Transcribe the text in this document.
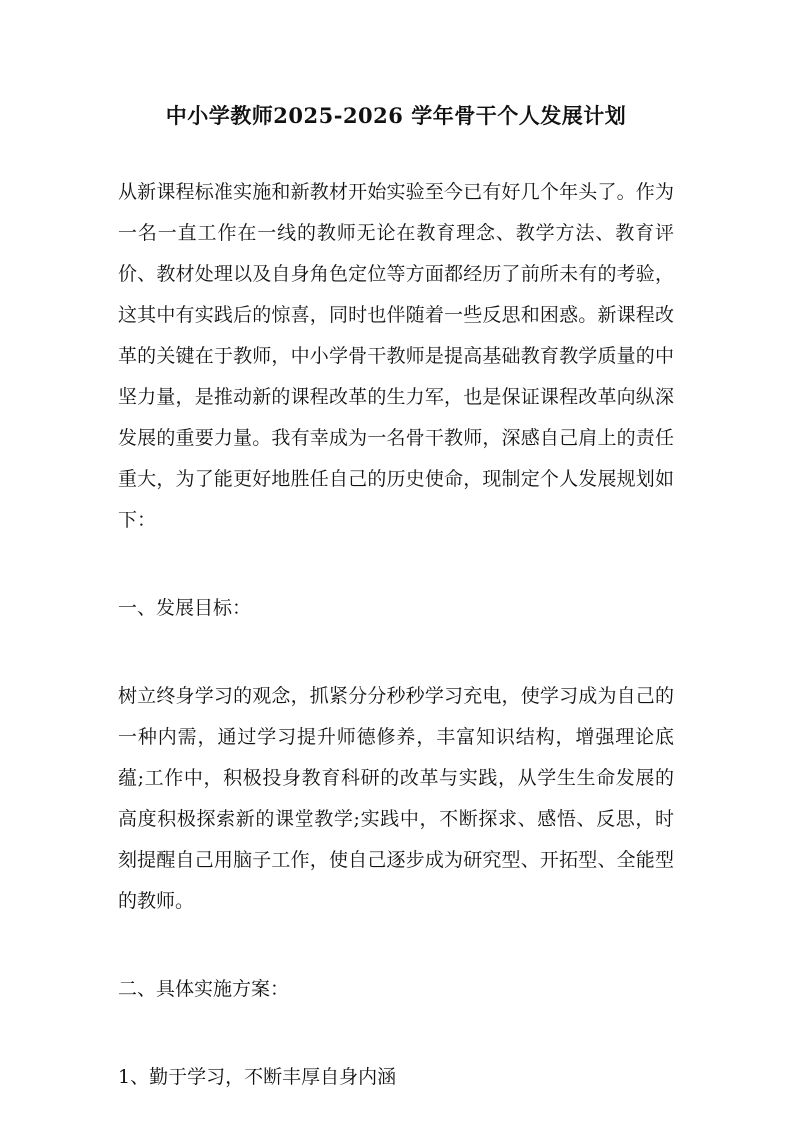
中小学教师2025-2026 学年骨干个人发展计划

从新课程标准实施和新教材开始实验至今已有好几个年头了。作为一名一直工作在一线的教师无论在教育理念、教学方法、教育评价、教材处理以及自身角色定位等方面都经历了前所未有的考验，这其中有实践后的惊喜，同时也伴随着一些反思和困惑。新课程改革的关键在于教师，中小学骨干教师是提高基础教育教学质量的中坚力量，是推动新的课程改革的生力军，也是保证课程改革向纵深发展的重要力量。我有幸成为一名骨干教师，深感自己肩上的责任重大，为了能更好地胜任自己的历史使命，现制定个人发展规划如下：

一、发展目标：

树立终身学习的观念，抓紧分分秒秒学习充电，使学习成为自己的一种内需，通过学习提升师德修养，丰富知识结构，增强理论底蕴;工作中，积极投身教育科研的改革与实践，从学生生命发展的高度积极探索新的课堂教学;实践中，不断探求、感悟、反思，时刻提醒自己用脑子工作，使自己逐步成为研究型、开拓型、全能型的教师。

二、具体实施方案：

1、勤于学习，不断丰厚自身内涵
